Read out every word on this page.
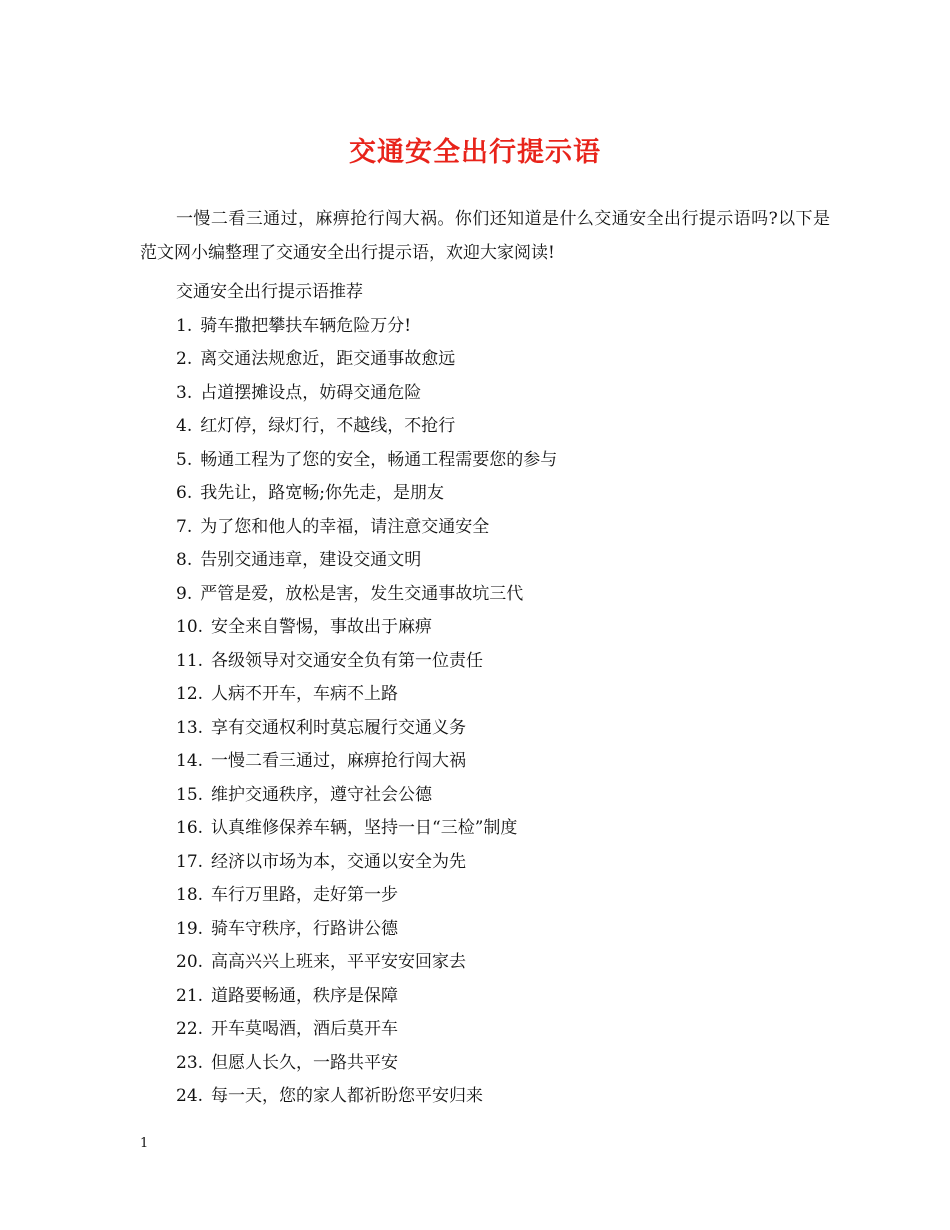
交通安全出行提示语

一慢二看三通过，麻痹抢行闯大祸。你们还知道是什么交通安全出行提示语吗?以下是范文网小编整理了交通安全出行提示语，欢迎大家阅读!

交通安全出行提示语推荐
1. 骑车撒把攀扶车辆危险万分!
2. 离交通法规愈近，距交通事故愈远
3. 占道摆摊设点，妨碍交通危险
4. 红灯停，绿灯行，不越线，不抢行
5. 畅通工程为了您的安全，畅通工程需要您的参与
6. 我先让，路宽畅;你先走，是朋友
7. 为了您和他人的幸福，请注意交通安全
8. 告别交通违章，建设交通文明
9. 严管是爱，放松是害，发生交通事故坑三代
10. 安全来自警惕，事故出于麻痹
11. 各级领导对交通安全负有第一位责任
12. 人病不开车，车病不上路
13. 享有交通权利时莫忘履行交通义务
14. 一慢二看三通过，麻痹抢行闯大祸
15. 维护交通秩序，遵守社会公德
16. 认真维修保养车辆，坚持一日“三检”制度
17. 经济以市场为本，交通以安全为先
18. 车行万里路，走好第一步
19. 骑车守秩序，行路讲公德
20. 高高兴兴上班来，平平安安回家去
21. 道路要畅通，秩序是保障
22. 开车莫喝酒，酒后莫开车
23. 但愿人长久，一路共平安
24. 每一天，您的家人都祈盼您平安归来
1
